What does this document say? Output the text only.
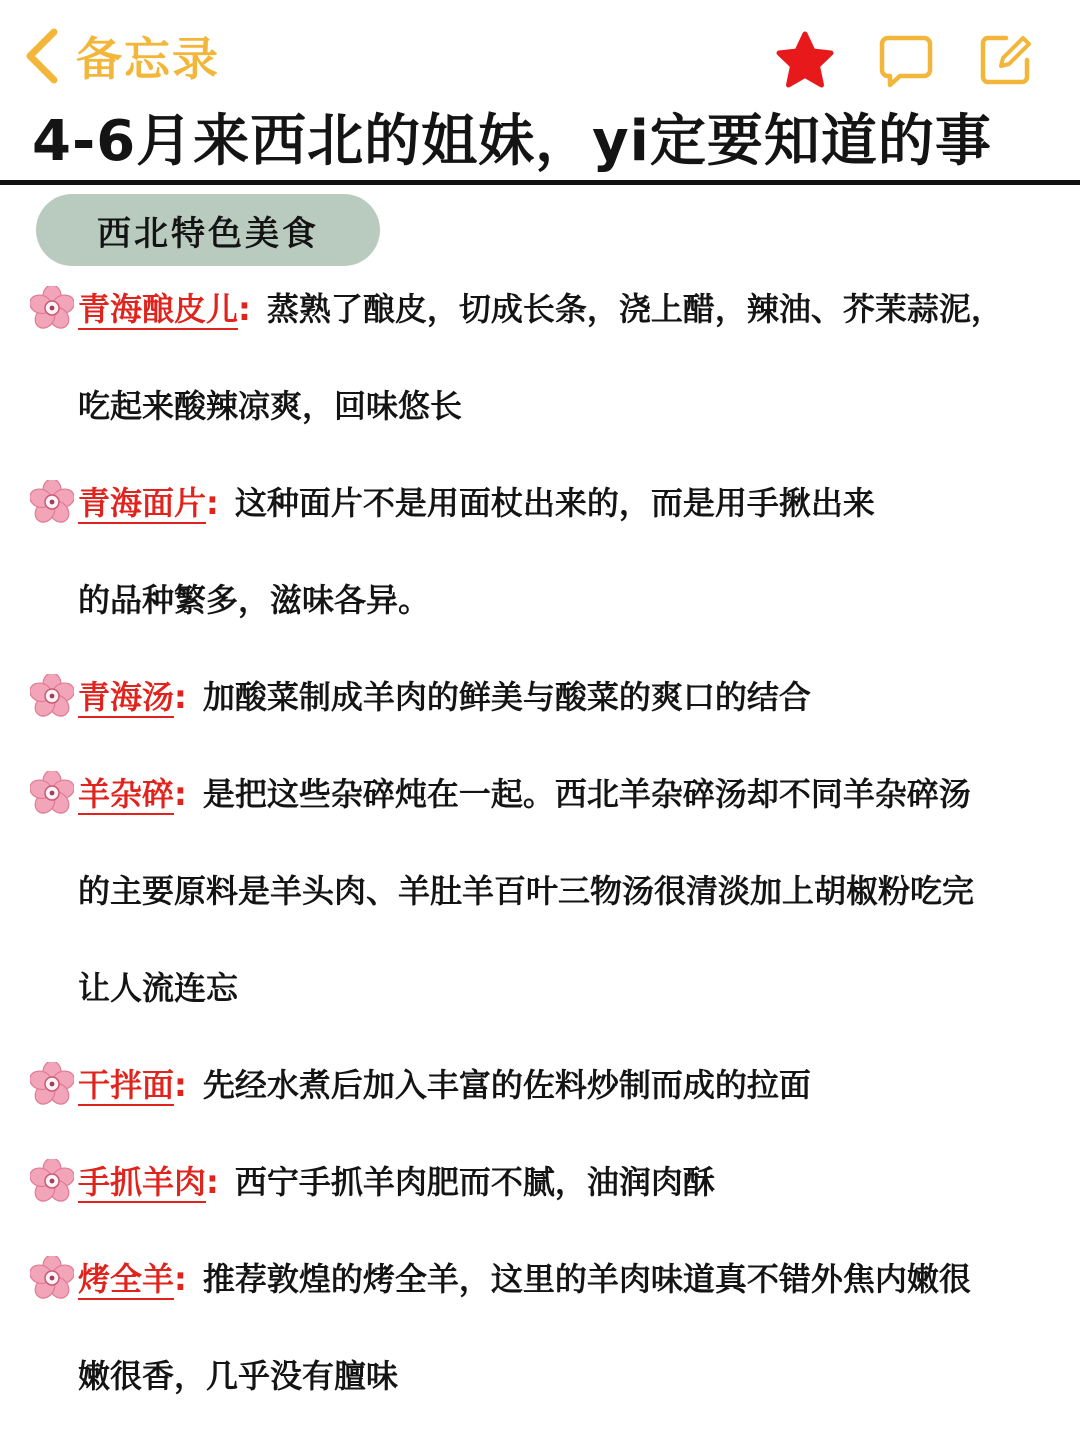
备忘录
4-6月来西北的姐妹，yi定要知道的事
西北特色美食
青海酿皮儿: 蒸熟了酿皮，切成长条，浇上醋，辣油、芥茉蒜泥，
吃起来酸辣凉爽，回味悠长
青海面片: 这种面片不是用面杖出来的，而是用手揪出来
的品种繁多，滋味各异。
青海汤: 加酸菜制成羊肉的鲜美与酸菜的爽口的结合
羊杂碎: 是把这些杂碎炖在一起。西北羊杂碎汤却不同羊杂碎汤
的主要原料是羊头肉、羊肚羊百叶三物汤很清淡加上胡椒粉吃完
让人流连忘
干拌面: 先经水煮后加入丰富的佐料炒制而成的拉面
手抓羊肉: 西宁手抓羊肉肥而不腻，油润肉酥
烤全羊: 推荐敦煌的烤全羊，这里的羊肉味道真不错外焦内嫩很
嫩很香，几乎没有膻味
